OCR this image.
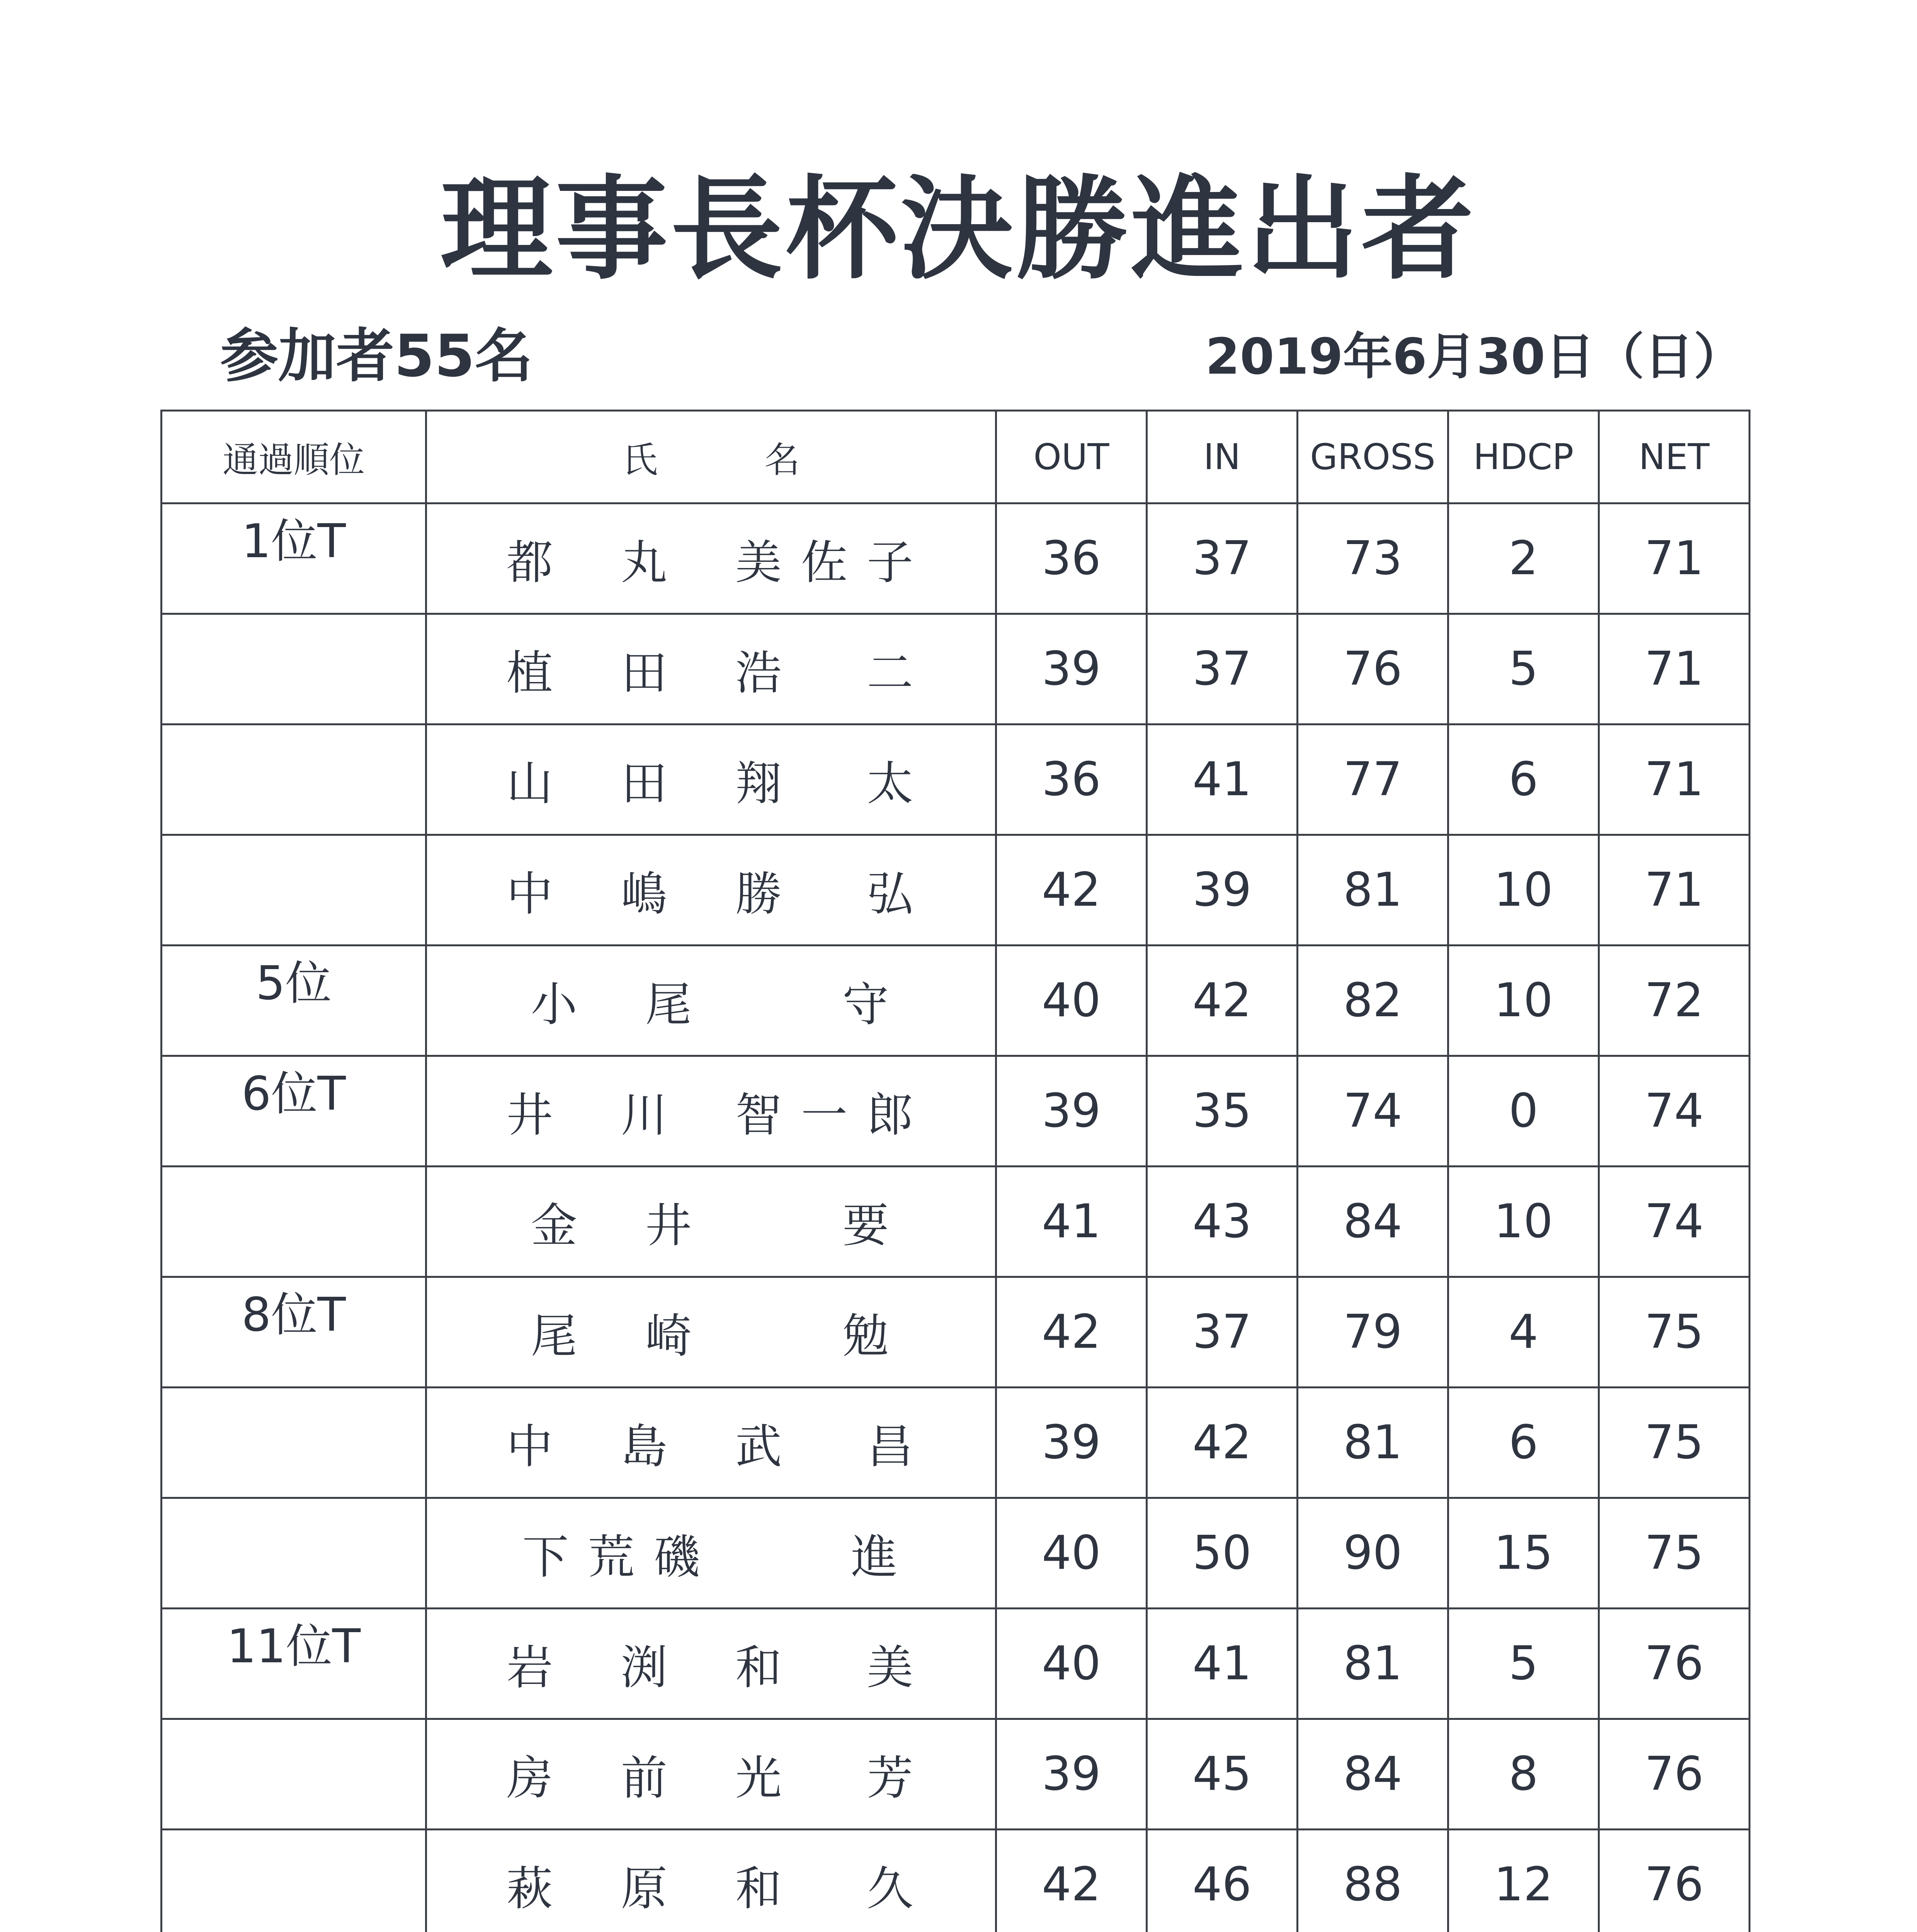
理事長杯決勝進出者
参加者55名	2019年6月30日（日）
通過順位	氏　　　名	OUT	IN	GROSS	HDCP	NET
1位T	都　 丸 　美 佐 子	36	37	73	2	71
	植 　田 　浩 　 二	39	37	76	5	71
	山 　田 　翔 　 太	36	41	77	6	71
	中 　嶋 　勝 　 弘	42	39	81	10	71
5位	小 　尾 　 　 守	40	42	82	10	72
6位T	井 　川 　智 一 郎	39	35	74	0	74
	金 　井 　 　 要	41	43	84	10	74
8位T	尾 　崎 　 　 勉	42	37	79	4	75
	中 　島 　武 　 昌	39	42	81	6	75
	下 荒 磯 　 　 進	40	50	90	15	75
11位T	岩 　渕 　和 　 美	40	41	81	5	76
	房 　前 　光 　 芳	39	45	84	8	76
	萩 　原 　和 　 久	42	46	88	12	76
